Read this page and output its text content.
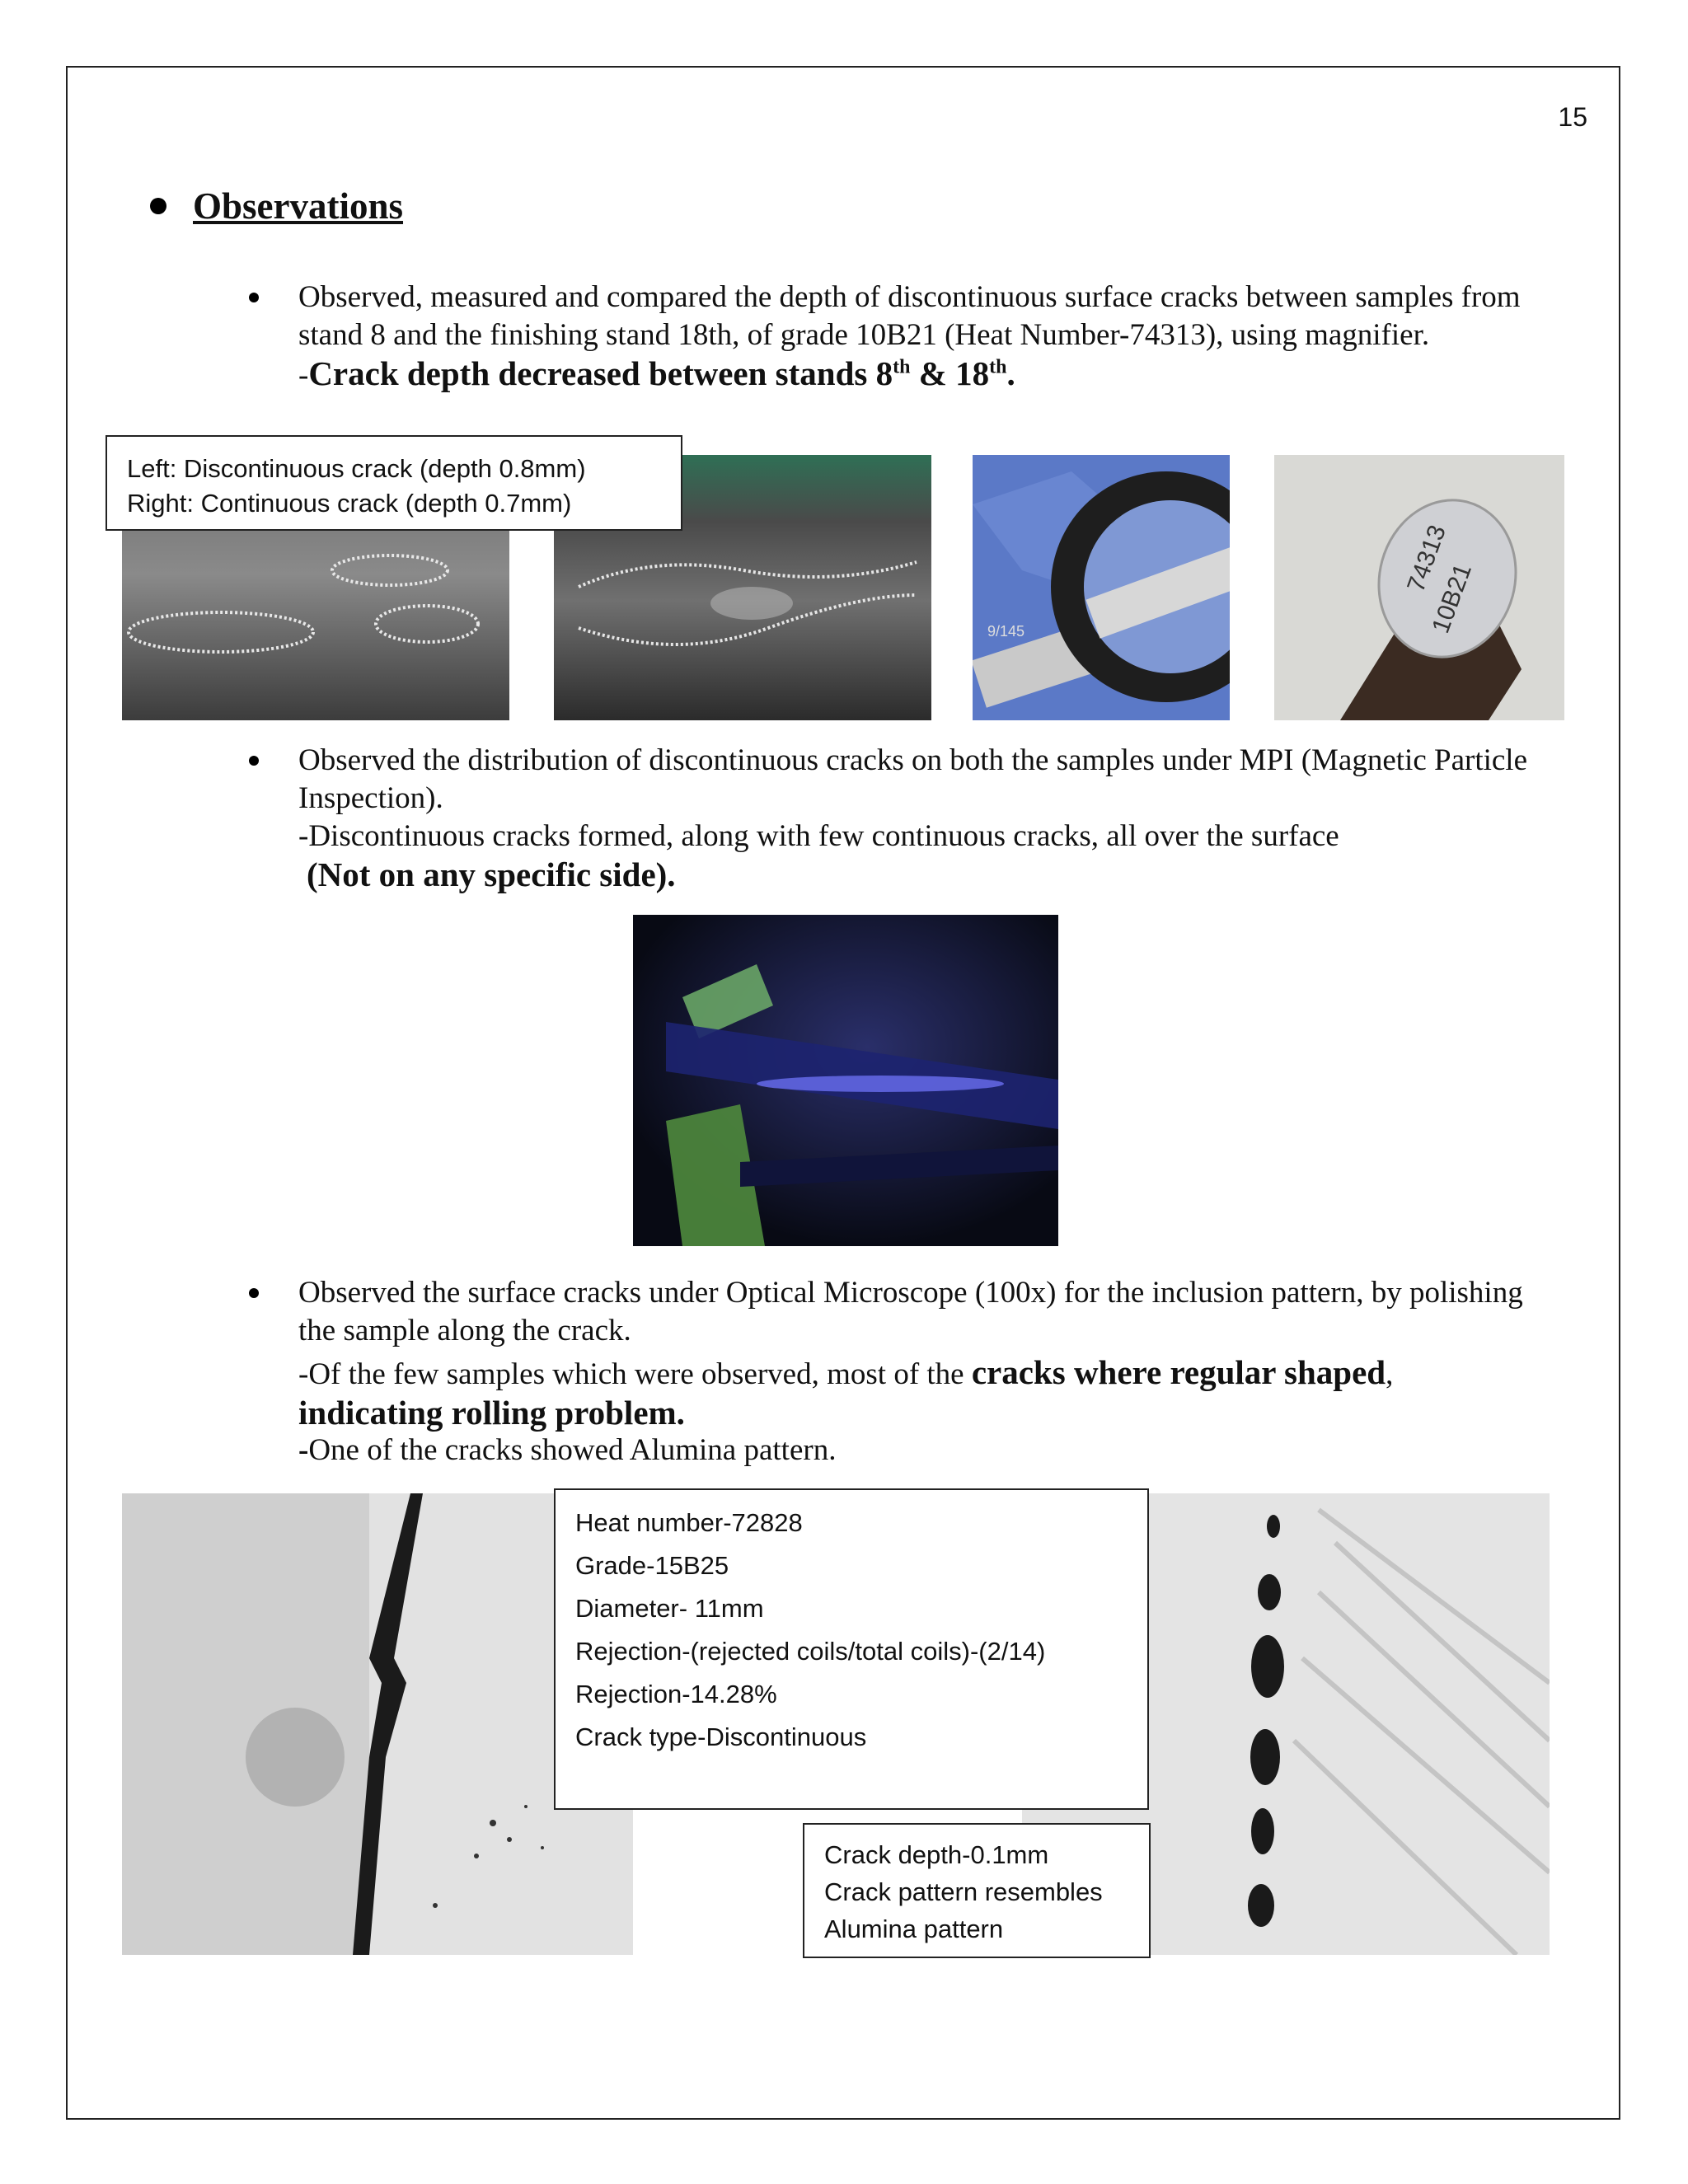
15
Observations

Observed, measured and compared the depth of discontinuous surface cracks between samples from stand 8 and the finishing stand 18th, of grade 10B21 (Heat Number-74313), using magnifier.

-Crack depth decreased between stands 8th & 18th.

9/145
74313
10B21
Left: Discontinuous crack (depth 0.8mm)
Right: Continuous crack (depth 0.7mm)

Observed the distribution of discontinuous cracks on both the samples under MPI (Magnetic Particle Inspection).

-Discontinuous cracks formed, along with few continuous cracks, all over the surface

(Not on any specific side).

Observed the surface cracks under Optical Microscope (100x) for the inclusion pattern, by polishing the sample along the crack.

-Of the few samples which were observed, most of the cracks where regular shaped,

indicating rolling problem.

-One of the cracks showed Alumina pattern.

Heat number-72828
Grade-15B25
Diameter- 11mm
Rejection-(rejected coils/total coils)-(2/14)
Rejection-14.28%
Crack type-Discontinuous
Crack depth-0.1mm
Crack pattern resembles
Alumina pattern
